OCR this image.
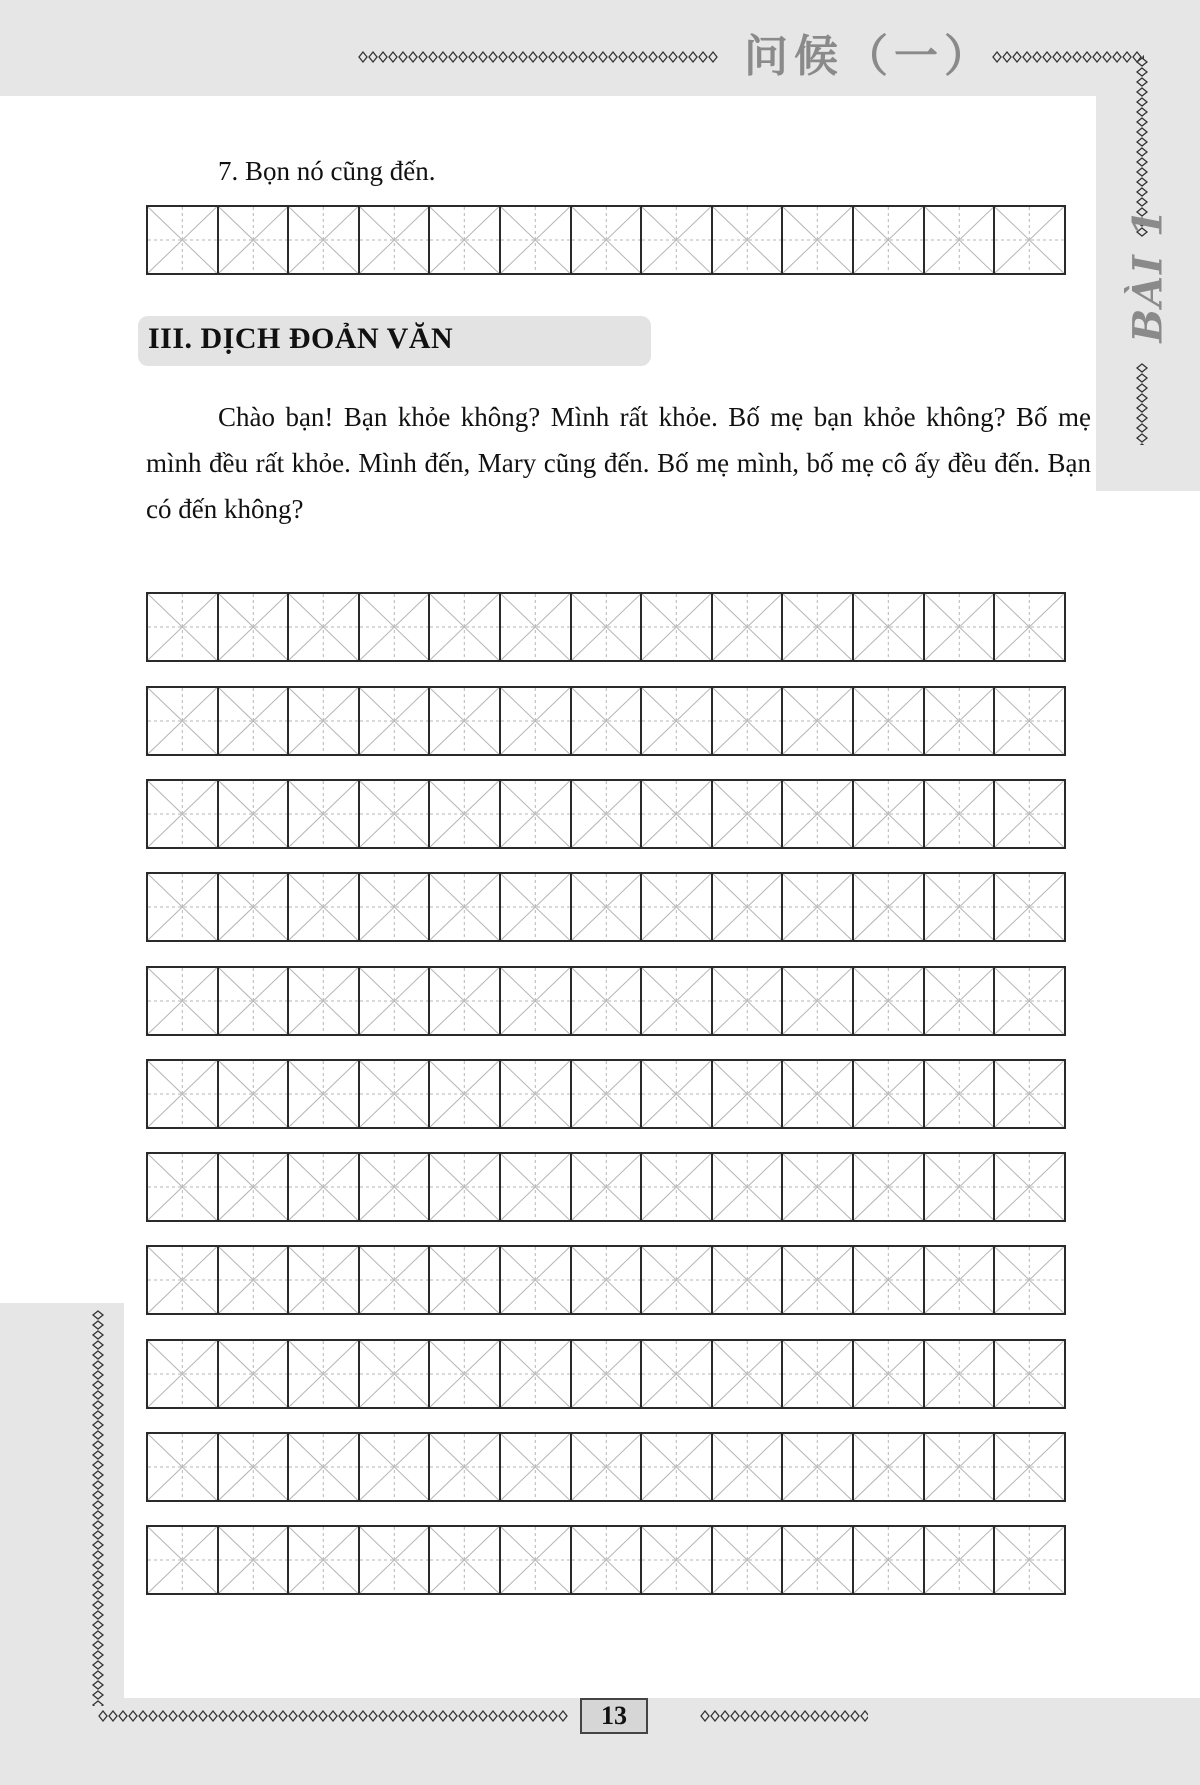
问候（一）
BÀI 1
7. Bọn nó cũng đến.
III. DỊCH ĐOẢN VĂN

Chào bạn! Bạn khỏe không? Mình rất khỏe. Bố mẹ bạn khỏe không? Bố mẹ mình đều rất khỏe. Mình đến, Mary cũng đến. Bố mẹ mình, bố mẹ cô ấy đều đến. Bạn có đến không?

13
